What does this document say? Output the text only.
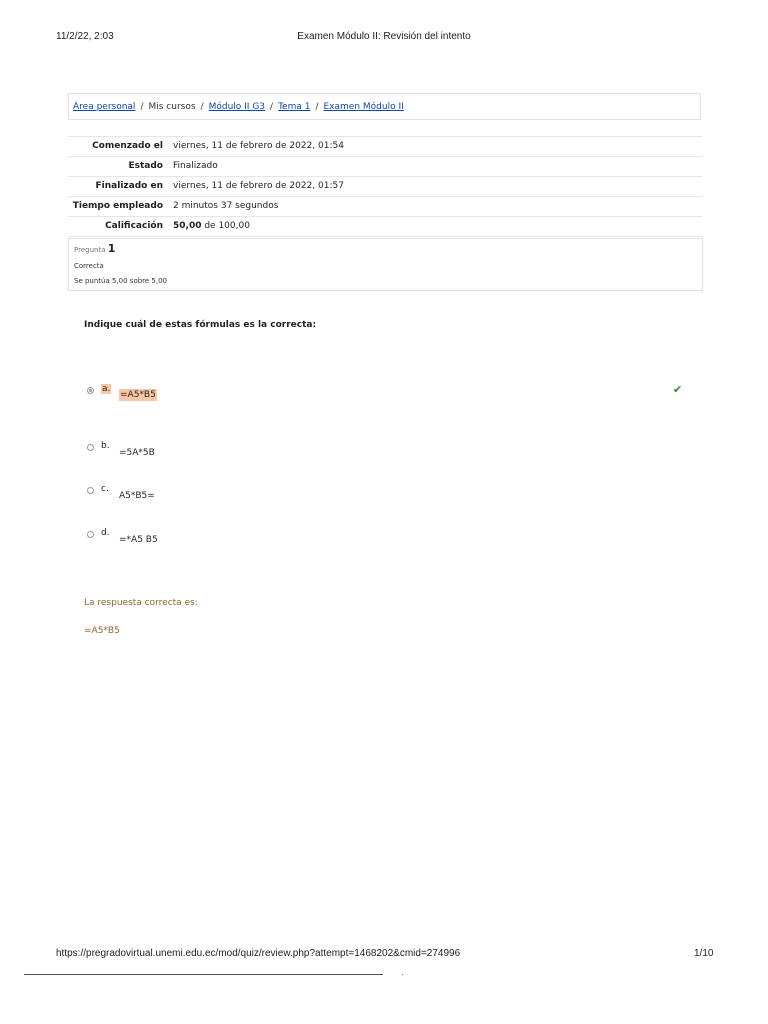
11/2/22, 2:03	Examen Módulo II: Revisión del intento
Área personal / Mis cursos / Módulo II G3 / Tema 1 / Examen Módulo II
Comenzado el	viernes, 11 de febrero de 2022, 01:54
Estado	Finalizado
Finalizado en	viernes, 11 de febrero de 2022, 01:57
Tiempo empleado	2 minutos 37 segundos
Calificación	50,00 de 100,00
Pregunta 1
Correcta
Se puntúa 5,00 sobre 5,00
Indique cuál de estas fórmulas es la correcta:
a.
=A5*B5	✔
b.
=5A*5B
c.
A5*B5=
d.
=*A5 B5
La respuesta correcta es:
=A5*B5
https://pregradovirtual.unemi.edu.ec/mod/quiz/review.php?attempt=1468202&cmid=274996	1/10
